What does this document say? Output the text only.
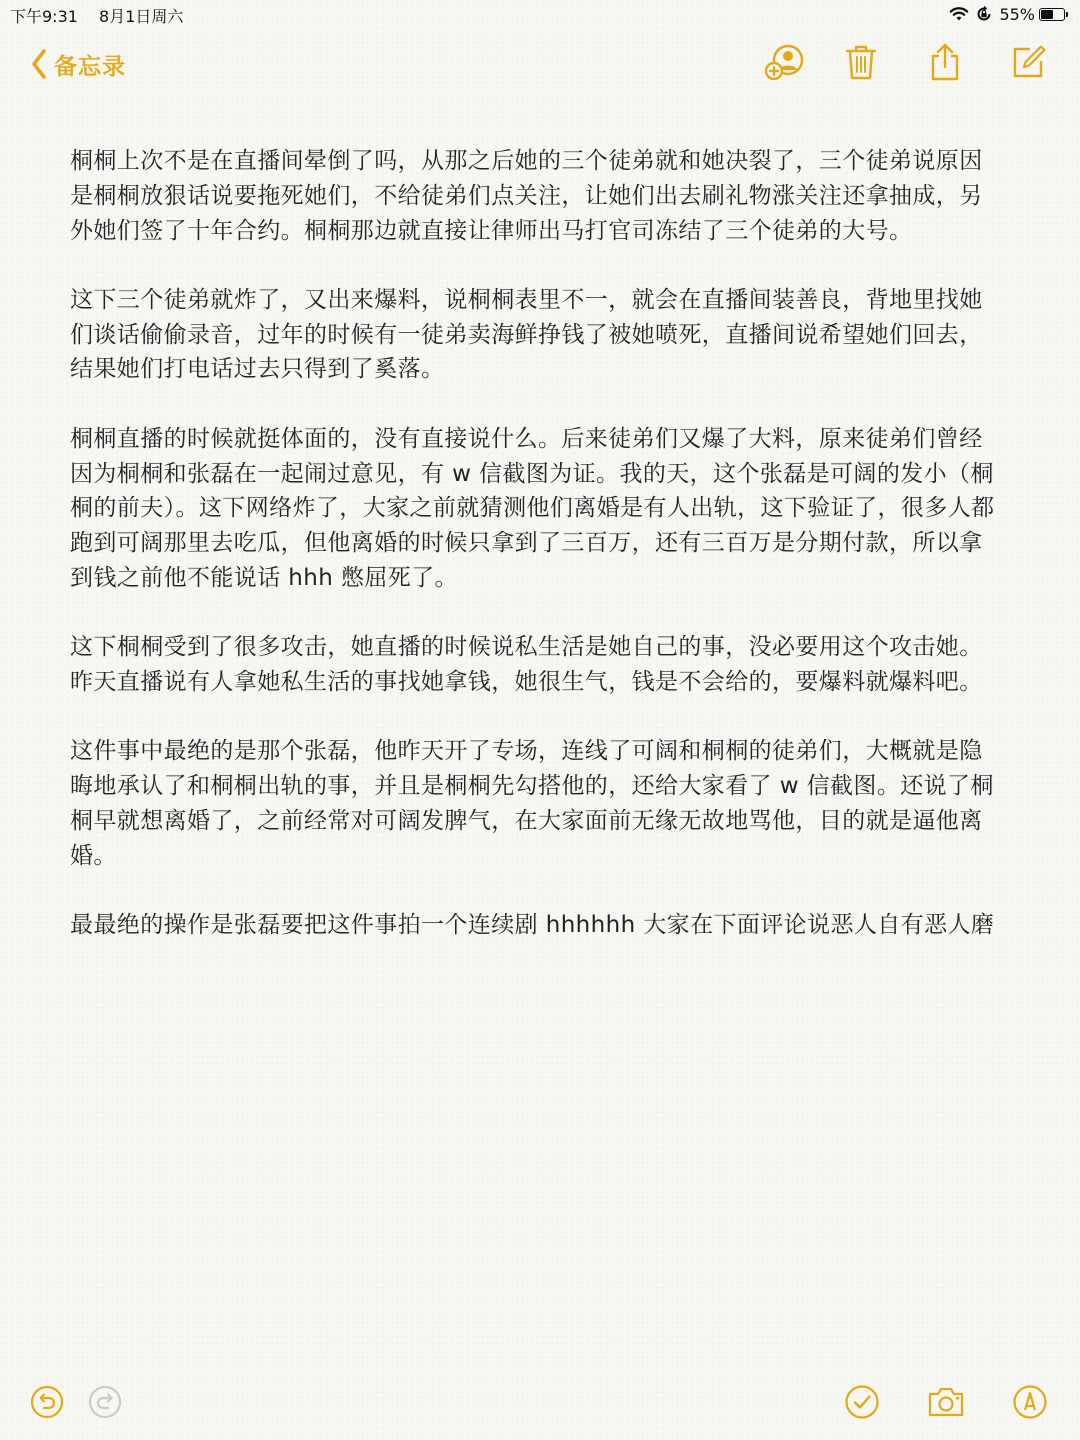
下午9:31 8月1日周六	55%
备忘录

桐桐上次不是在直播间晕倒了吗，从那之后她的三个徒弟就和她决裂了，三个徒弟说原因是桐桐放狠话说要拖死她们，不给徒弟们点关注，让她们出去刷礼物涨关注还拿抽成，另外她们签了十年合约。桐桐那边就直接让律师出马打官司冻结了三个徒弟的大号。

这下三个徒弟就炸了，又出来爆料，说桐桐表里不一，就会在直播间装善良，背地里找她们谈话偷偷录音，过年的时候有一徒弟卖海鲜挣钱了被她喷死，直播间说希望她们回去，结果她们打电话过去只得到了奚落。

桐桐直播的时候就挺体面的，没有直接说什么。后来徒弟们又爆了大料，原来徒弟们曾经因为桐桐和张磊在一起闹过意见，有 w 信截图为证。我的天，这个张磊是可阔的发小（桐桐的前夫）。这下网络炸了，大家之前就猜测他们离婚是有人出轨，这下验证了，很多人都跑到可阔那里去吃瓜，但他离婚的时候只拿到了三百万，还有三百万是分期付款，所以拿到钱之前他不能说话 hhh 憋屈死了。

这下桐桐受到了很多攻击，她直播的时候说私生活是她自己的事，没必要用这个攻击她。昨天直播说有人拿她私生活的事找她拿钱，她很生气，钱是不会给的，要爆料就爆料吧。

这件事中最绝的是那个张磊，他昨天开了专场，连线了可阔和桐桐的徒弟们，大概就是隐晦地承认了和桐桐出轨的事，并且是桐桐先勾搭他的，还给大家看了 w 信截图。还说了桐桐早就想离婚了，之前经常对可阔发脾气，在大家面前无缘无故地骂他，目的就是逼他离婚。

最最绝的操作是张磊要把这件事拍一个连续剧 hhhhhh 大家在下面评论说恶人自有恶人磨
